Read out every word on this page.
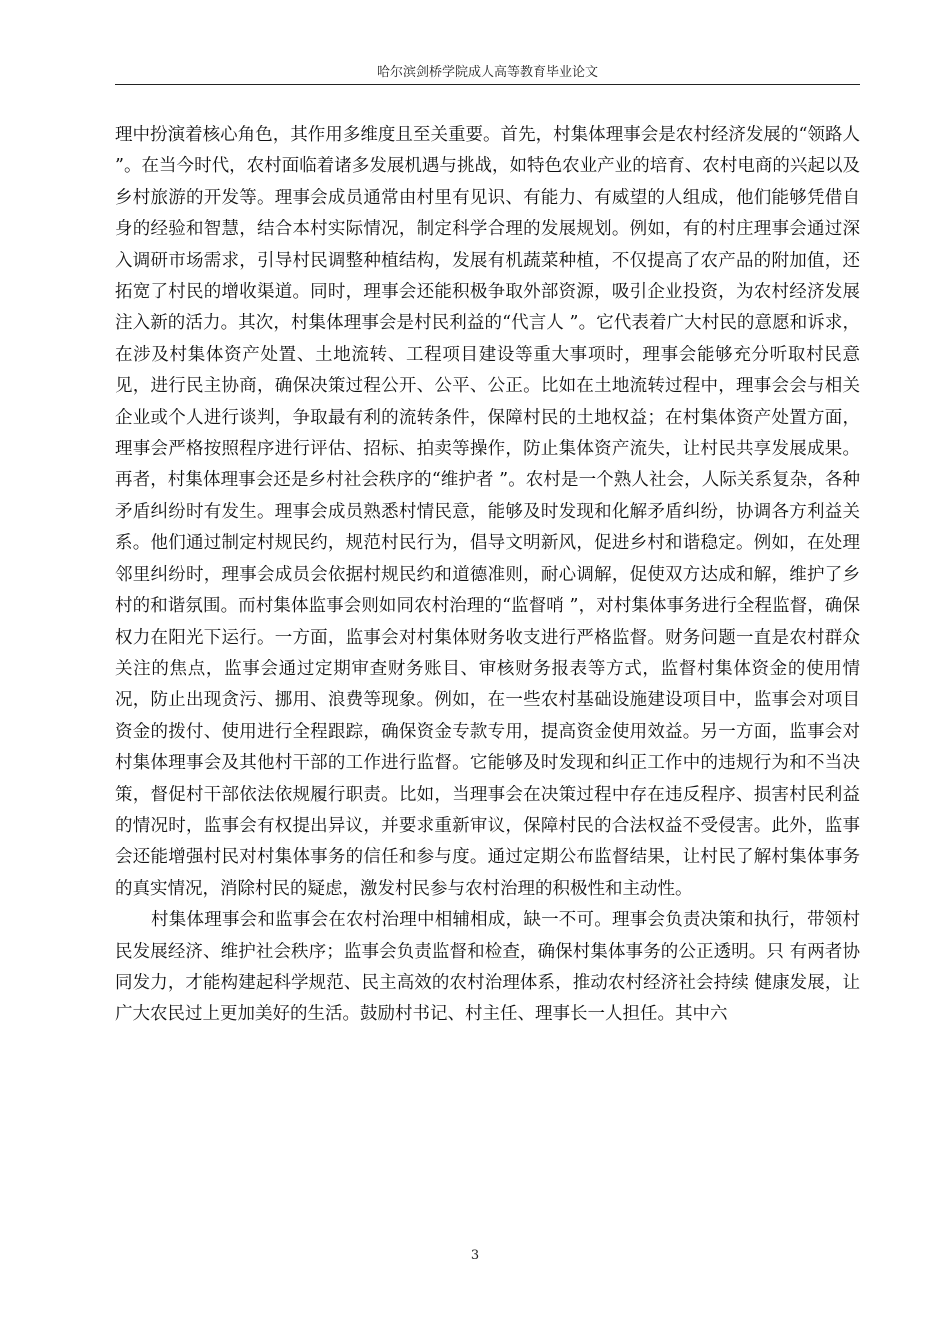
哈尔滨剑桥学院成人高等教育毕业论文

理中扮演着核心角色，其作用多维度且至关重要。首先，村集体理事会是农村经济发展的“领路人 ”。在当今时代，农村面临着诸多发展机遇与挑战，如特色农业产业的培育、农村电商的兴起以及乡村旅游的开发等。理事会成员通常由村里有见识、有能力、有威望的人组成，他们能够凭借自身的经验和智慧，结合本村实际情况，制定科学合理的发展规划。例如，有的村庄理事会通过深入调研市场需求，引导村民调整种植结构，发展有机蔬菜种植，不仅提高了农产品的附加值，还拓宽了村民的增收渠道。同时，理事会还能积极争取外部资源，吸引企业投资，为农村经济发展注入新的活力。其次，村集体理事会是村民利益的“代言人 ”。它代表着广大村民的意愿和诉求，在涉及村集体资产处置、土地流转、工程项目建设等重大事项时，理事会能够充分听取村民意见，进行民主协商，确保决策过程公开、公平、公正。比如在土地流转过程中，理事会会与相关企业或个人进行谈判，争取最有利的流转条件，保障村民的土地权益；在村集体资产处置方面，理事会严格按照程序进行评估、招标、拍卖等操作，防止集体资产流失，让村民共享发展成果。再者，村集体理事会还是乡村社会秩序的“维护者 ”。农村是一个熟人社会，人际关系复杂，各种矛盾纠纷时有发生。理事会成员熟悉村情民意，能够及时发现和化解矛盾纠纷，协调各方利益关系。他们通过制定村规民约，规范村民行为，倡导文明新风，促进乡村和谐稳定。例如，在处理邻里纠纷时，理事会成员会依据村规民约和道德准则，耐心调解，促使双方达成和解，维护了乡村的和谐氛围。而村集体监事会则如同农村治理的“监督哨 ”，对村集体事务进行全程监督，确保权力在阳光下运行。一方面，监事会对村集体财务收支进行严格监督。财务问题一直是农村群众关注的焦点，监事会通过定期审查财务账目、审核财务报表等方式，监督村集体资金的使用情况，防止出现贪污、挪用、浪费等现象。例如，在一些农村基础设施建设项目中，监事会对项目资金的拨付、使用进行全程跟踪，确保资金专款专用，提高资金使用效益。另一方面，监事会对村集体理事会及其他村干部的工作进行监督。它能够及时发现和纠正工作中的违规行为和不当决策，督促村干部依法依规履行职责。比如，当理事会在决策过程中存在违反程序、损害村民利益的情况时，监事会有权提出异议，并要求重新审议，保障村民的合法权益不受侵害。此外，监事会还能增强村民对村集体事务的信任和参与度。通过定期公布监督结果，让村民了解村集体事务的真实情况，消除村民的疑虑，激发村民参与农村治理的积极性和主动性。

村集体理事会和监事会在农村治理中相辅相成，缺一不可。理事会负责决策和执行，带领村民发展经济、维护社会秩序；监事会负责监督和检查，确保村集体事务的公正透明。只 有两者协同发力，才能构建起科学规范、民主高效的农村治理体系，推动农村经济社会持续 健康发展，让广大农民过上更加美好的生活。鼓励村书记、村主任、理事长一人担任。其中六

3
